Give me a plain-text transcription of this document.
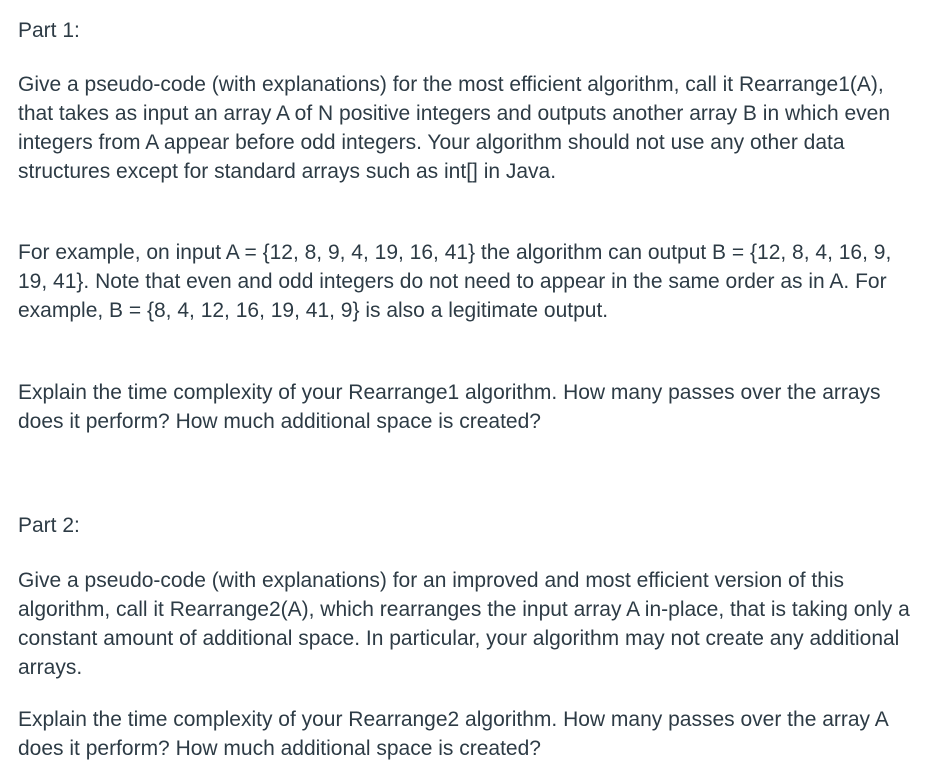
Part 1:

Give a pseudo-code (with explanations) for the most efficient algorithm, call it Rearrange1(A), that takes as input an array A of N positive integers and outputs another array B in which even integers from A appear before odd integers. Your algorithm should not use any other data structures except for standard arrays such as int[] in Java.

For example, on input A = {12, 8, 9, 4, 19, 16, 41} the algorithm can output B = {12, 8, 4, 16, 9, 19, 41}. Note that even and odd integers do not need to appear in the same order as in A. For example, B = {8, 4, 12, 16, 19, 41, 9} is also a legitimate output.

Explain the time complexity of your Rearrange1 algorithm. How many passes over the arrays does it perform? How much additional space is created?

Part 2:

Give a pseudo-code (with explanations) for an improved and most efficient version of this algorithm, call it Rearrange2(A), which rearranges the input array A in-place, that is taking only a constant amount of additional space. In particular, your algorithm may not create any additional arrays.

Explain the time complexity of your Rearrange2 algorithm. How many passes over the array A does it perform? How much additional space is created?
